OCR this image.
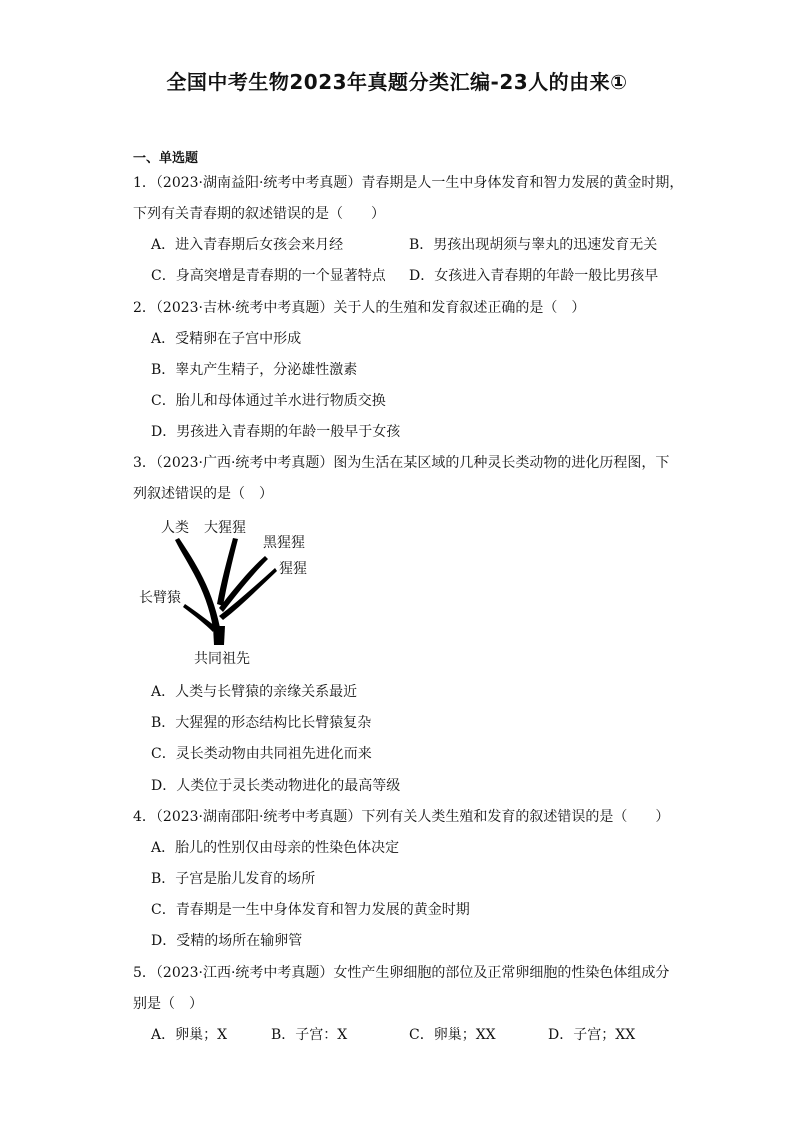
全国中考生物2023年真题分类汇编-23人的由来①
一、单选题
1．（2023·湖南益阳·统考中考真题）青春期是人一生中身体发育和智力发展的黄金时期，
下列有关青春期的叙述错误的是（　　）
A．进入青春期后女孩会来月经	B．男孩出现胡须与睾丸的迅速发育无关
C．身高突增是青春期的一个显著特点 D．女孩进入青春期的年龄一般比男孩早
2．（2023·吉林·统考中考真题）关于人的生殖和发育叙述正确的是（　）
A．受精卵在子宫中形成
B．睾丸产生精子，分泌雄性激素
C．胎儿和母体通过羊水进行物质交换
D．男孩进入青春期的年龄一般早于女孩
3．（2023·广西·统考中考真题）图为生活在某区域的几种灵长类动物的进化历程图，下
列叙述错误的是（　）
人类 大猩猩
黑猩猩
猩猩
长臂猿
共同祖先
A．人类与长臂猿的亲缘关系最近
B．大猩猩的形态结构比长臂猿复杂
C．灵长类动物由共同祖先进化而来
D．人类位于灵长类动物进化的最高等级
4．（2023·湖南邵阳·统考中考真题）下列有关人类生殖和发育的叙述错误的是（　　）
A．胎儿的性别仅由母亲的性染色体决定
B．子宫是胎儿发育的场所
C．青春期是一生中身体发育和智力发展的黄金时期
D．受精的场所在输卵管
5．（2023·江西·统考中考真题）女性产生卵细胞的部位及正常卵细胞的性染色体组成分
别是（　）
A．卵巢；X	B．子宫：X	C．卵巢；XX	D．子宫；XX
